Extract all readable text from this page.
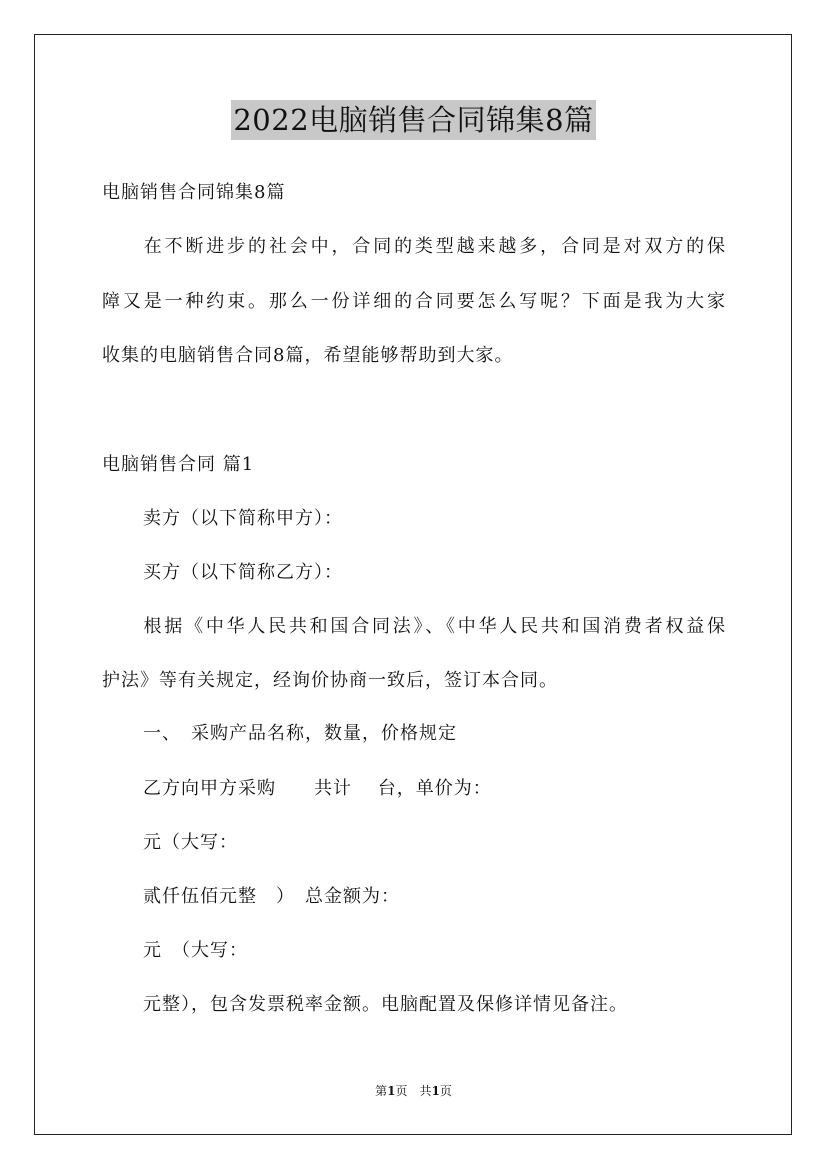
2022电脑销售合同锦集8篇
电脑销售合同锦集8篇
　　在不断进步的社会中，合同的类型越来越多，合同是对双方的保
障又是一种约束。那么一份详细的合同要怎么写呢？下面是我为大家
收集的电脑销售合同8篇，希望能够帮助到大家。
电脑销售合同 篇1
卖方（以下简称甲方）：
买方（以下简称乙方）：
　　根据《中华人民共和国合同法》、《中华人民共和国消费者权益保
护法》等有关规定，经询价协商一致后，签订本合同。
一、　采购产品名称，数量，价格规定
乙方向甲方采购　　共计　 台，单价为：
元（大写：
贰仟伍佰元整　）　总金额为：
元　（大写：
元整），包含发票税率金额。电脑配置及保修详情见备注。
第1页　共1页
